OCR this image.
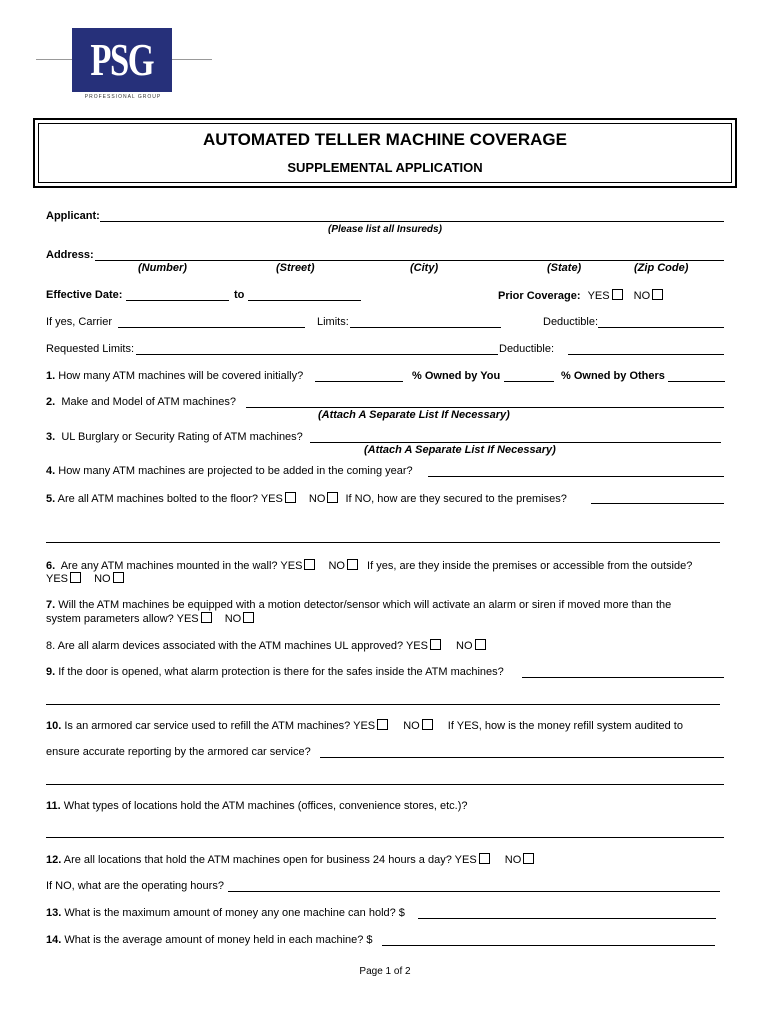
PSG
PROFESSIONAL GROUP
AUTOMATED TELLER MACHINE COVERAGE
SUPPLEMENTAL APPLICATION
Applicant:
(Please list all Insureds)
Address:
(Number)	(Street)	(City)	(State)	(Zip Code)
Effective Date:	to	Prior Coverage: YES NO
If yes, Carrier	Limits:	Deductible:
Requested Limits:	Deductible:
1. How many ATM machines will be covered initially?	% Owned by You	% Owned by Others
2. Make and Model of ATM machines?
(Attach A Separate List If Necessary)
3. UL Burglary or Security Rating of ATM machines?
(Attach A Separate List If Necessary)
4. How many ATM machines are projected to be added in the coming year?
5. Are all ATM machines bolted to the floor? YES NO If NO, how are they secured to the premises?
6. Are any ATM machines mounted in the wall? YES NO If yes, are they inside the premises or accessible from the outside?
YES NO
7. Will the ATM machines be equipped with a motion detector/sensor which will activate an alarm or siren if moved more than the
system parameters allow? YES NO
8. Are all alarm devices associated with the ATM machines UL approved? YES	NO
9. If the door is opened, what alarm protection is there for the safes inside the ATM machines?
10. Is an armored car service used to refill the ATM machines? YES	NO	If YES, how is the money refill system audited to
ensure accurate reporting by the armored car service?
11. What types of locations hold the ATM machines (offices, convenience stores, etc.)?
12. Are all locations that hold the ATM machines open for business 24 hours a day? YES	NO
If NO, what are the operating hours?
13. What is the maximum amount of money any one machine can hold? $
14. What is the average amount of money held in each machine? $
Page 1 of 2
